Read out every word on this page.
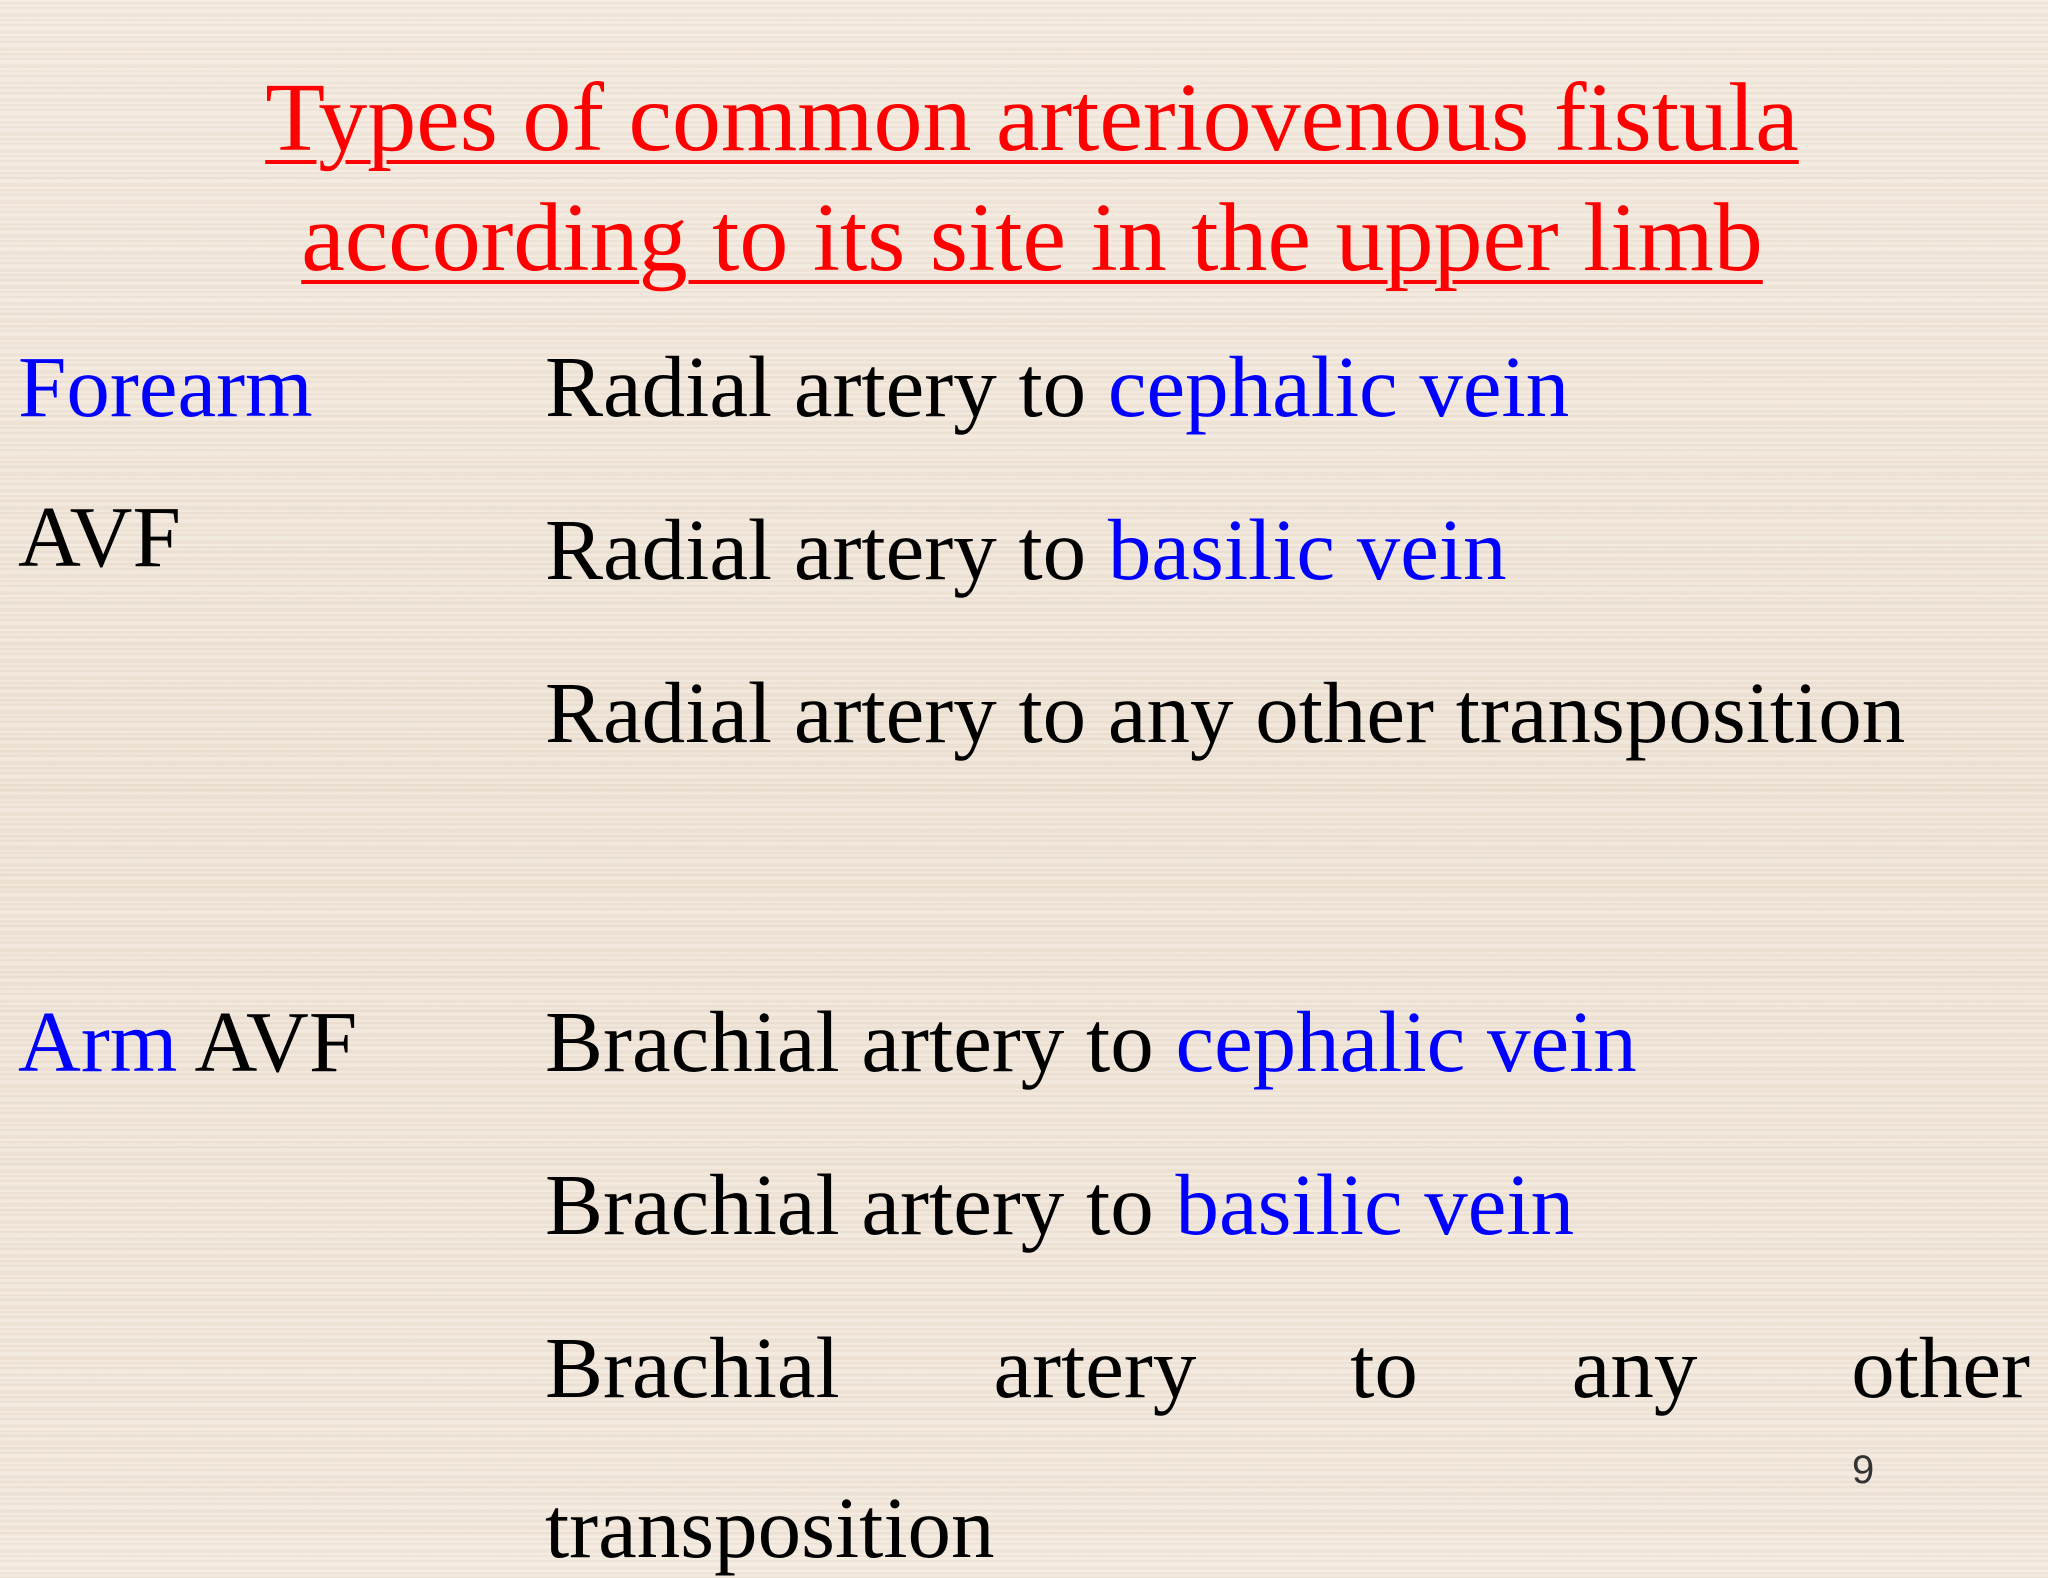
Types of common arteriovenous fistula
according to its site in the upper limb
Forearm
AVF
Radial artery to cephalic vein
Radial artery to basilic vein
Radial artery to any other transposition
Arm AVF Brachial artery to cephalic vein
Brachial artery to basilic vein
Brachial artery to any other
transposition
9
